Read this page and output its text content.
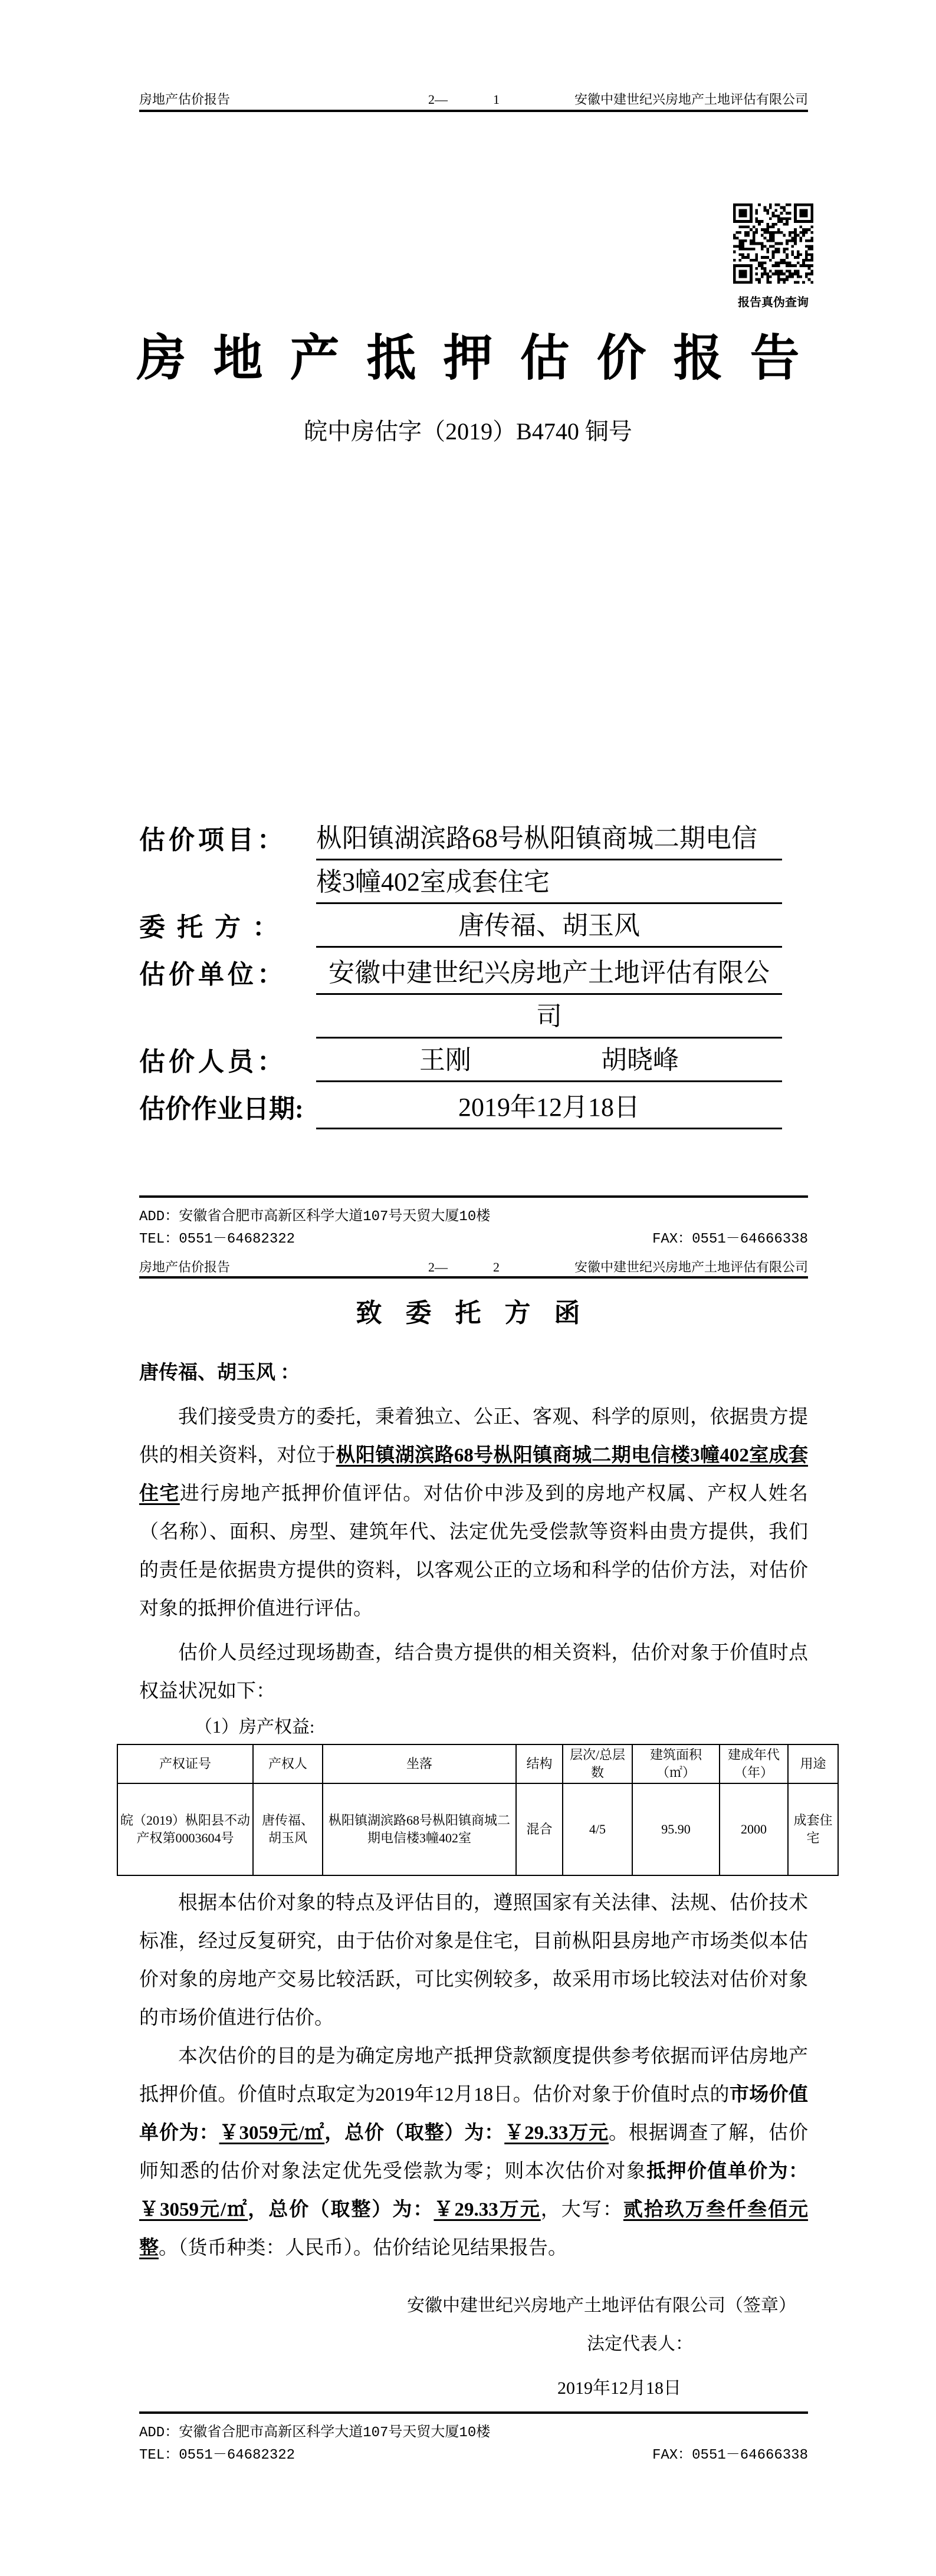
房地产估价报告	2—	1	安徽中建世纪兴房地产土地评估有限公司
报告真伪查询
房地产抵押估价报告
皖中房估字（2019）B4740 铜号
估价项目：	枞阳镇湖滨路68号枞阳镇商城二期电信楼3幢402室成套住宅
委托方：	唐传福、胡玉风
估价单位：	安徽中建世纪兴房地产土地评估有限公司
估价人员：	王刚　　　　　胡晓峰
估价作业日期:	2019年12月18日
ADD：安徽省合肥市高新区科学大道107号天贸大厦10楼
TEL：0551－64682322	FAX：0551－64666338
房地产估价报告	2—	2	安徽中建世纪兴房地产土地评估有限公司
致委托方函

唐传福、胡玉风 ：

我们接受贵方的委托，秉着独立、公正、客观、科学的原则，依据贵方提供的相关资料，对位于枞阳镇湖滨路68号枞阳镇商城二期电信楼3幢402室成套住宅进行房地产抵押价值评估。对估价中涉及到的房地产权属、产权人姓名（名称）、面积、房型、建筑年代、法定优先受偿款等资料由贵方提供，我们的责任是依据贵方提供的资料，以客观公正的立场和科学的估价方法，对估价对象的抵押价值进行评估。

估价人员经过现场勘查，结合贵方提供的相关资料，估价对象于价值时点权益状况如下：

（1）房产权益:
产权证号	产权人	坐落	结构	层次/总层数	建筑面积（㎡）	建成年代（年）	用途
皖（2019）枞阳县不动产权第0003604号	唐传福、胡玉风	枞阳镇湖滨路68号枞阳镇商城二期电信楼3幢402室	混合	4/5	95.90	2000	成套住宅

根据本估价对象的特点及评估目的，遵照国家有关法律、法规、估价技术标准，经过反复研究，由于估价对象是住宅，目前枞阳县房地产市场类似本估价对象的房地产交易比较活跃，可比实例较多，故采用市场比较法对估价对象的市场价值进行估价。

本次估价的目的是为确定房地产抵押贷款额度提供参考依据而评估房地产抵押价值。价值时点取定为2019年12月18日。估价对象于价值时点的市场价值单价为：￥3059元/㎡，总价（取整）为：￥29.33万元。根据调查了解，估价师知悉的估价对象法定优先受偿款为零；则本次估价对象抵押价值单价为：￥3059元/㎡，总价（取整）为：￥29.33万元，大写：贰拾玖万叁仟叁佰元整。（货币种类：人民币）。估价结论见结果报告。

安徽中建世纪兴房地产土地评估有限公司（签章）
法定代表人：
2019年12月18日
ADD：安徽省合肥市高新区科学大道107号天贸大厦10楼
TEL：0551－64682322	FAX：0551－64666338
